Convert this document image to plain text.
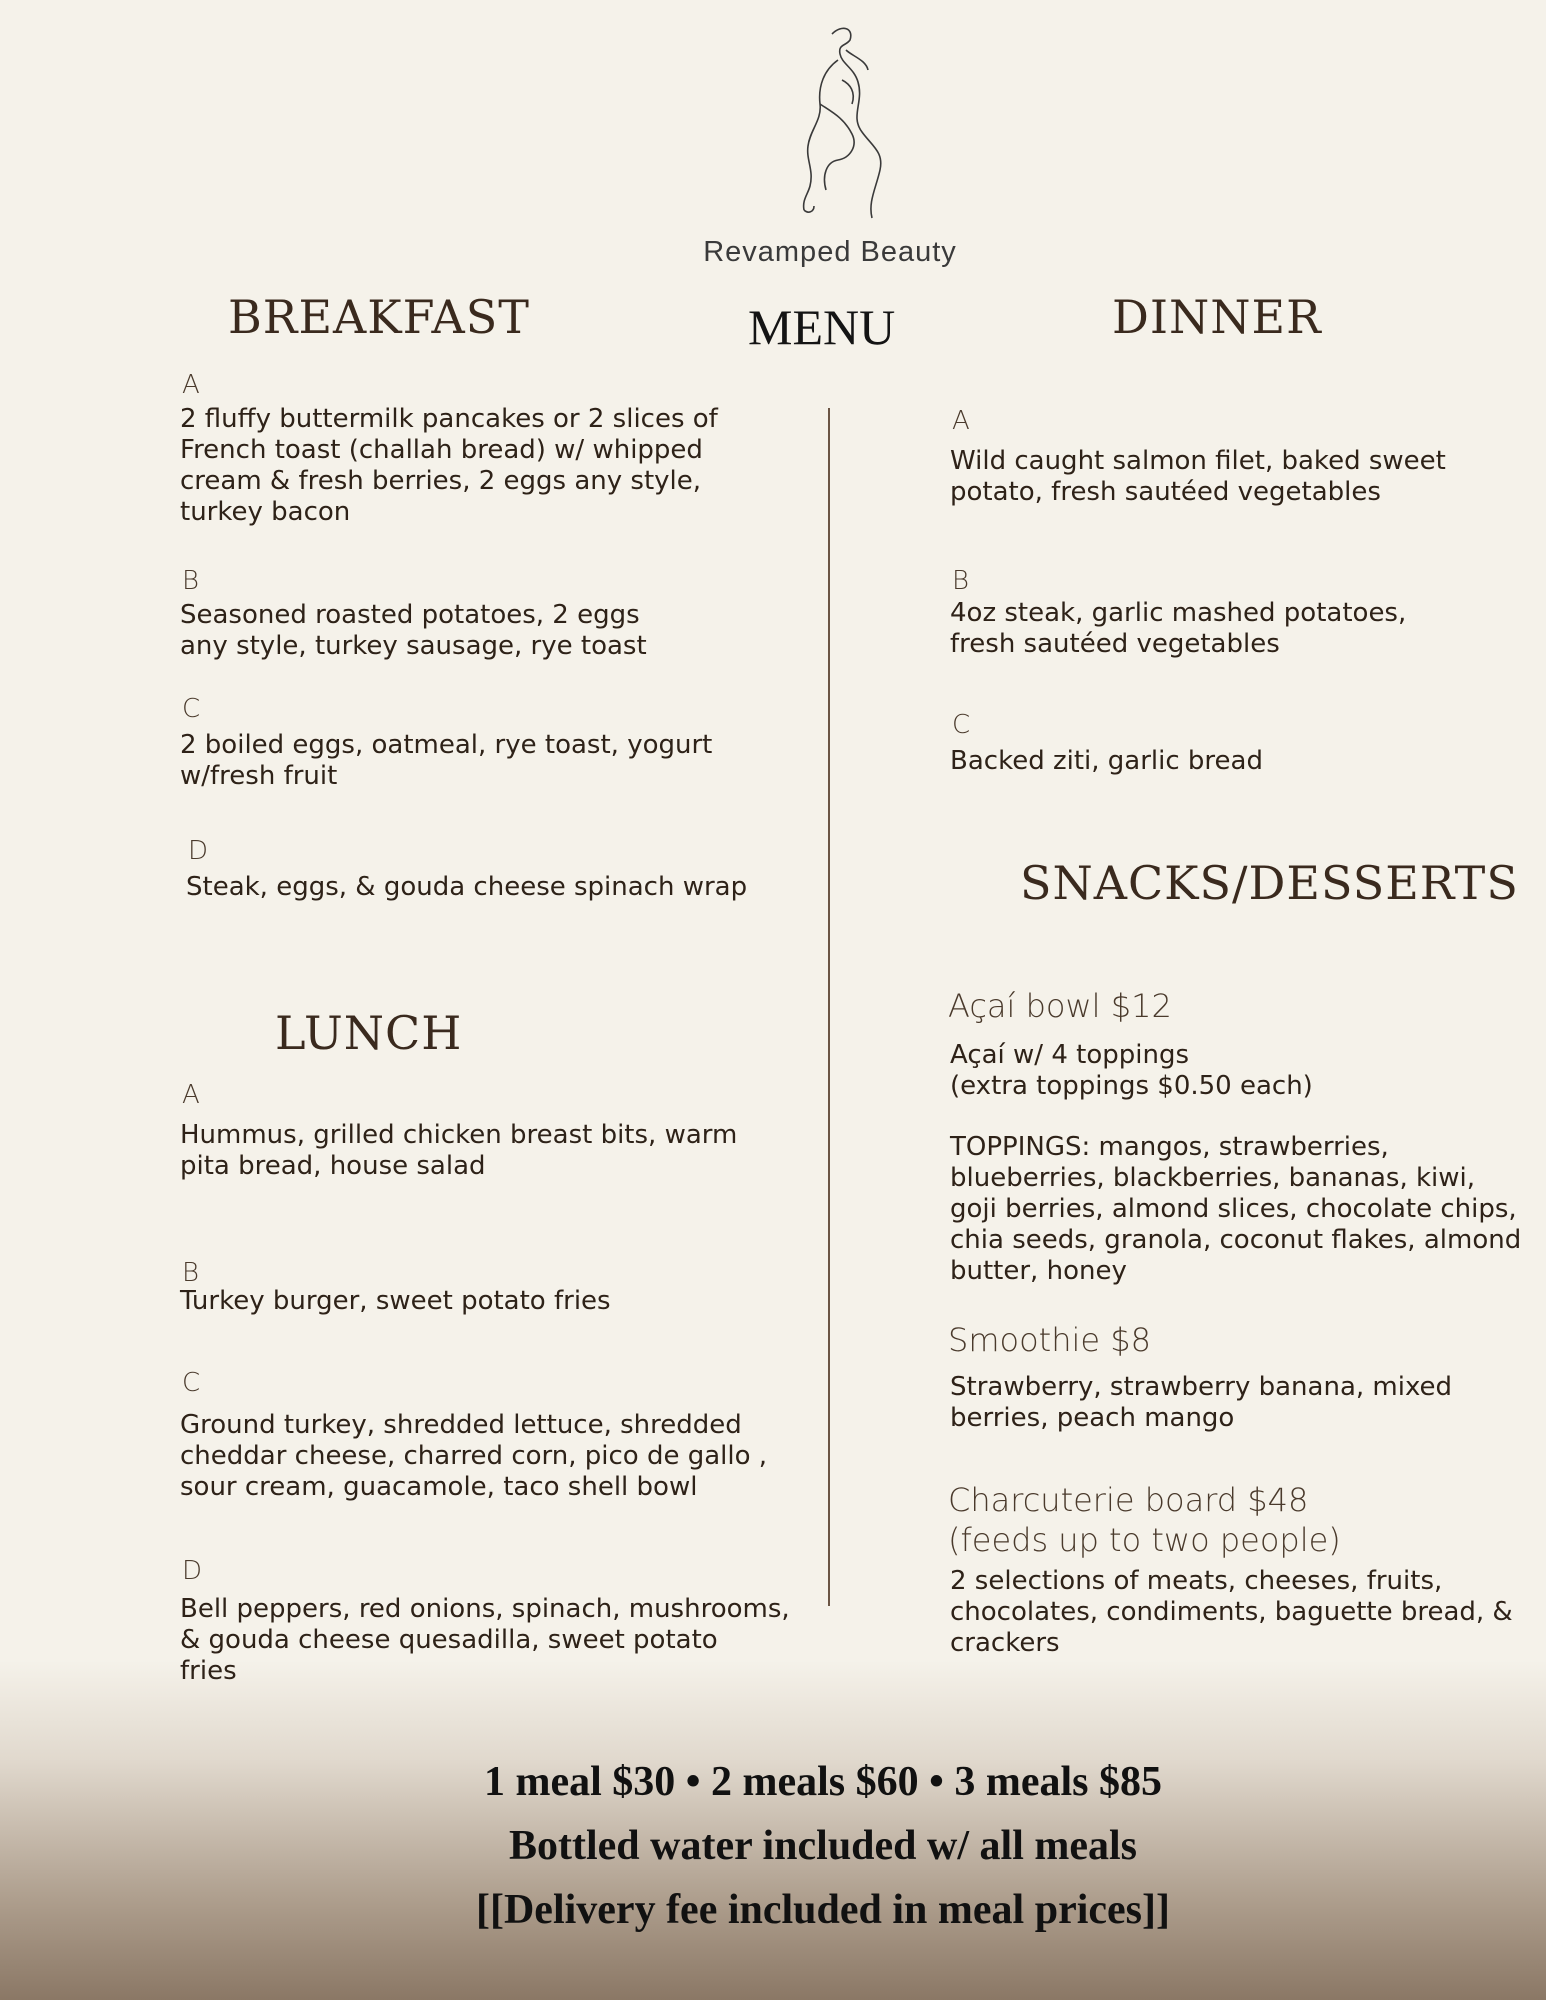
Revamped Beauty
BREAKFAST	MENU	DINNER
A
2 fluffy buttermilk pancakes or 2 slices of
French toast (challah bread) w/ whipped
cream & fresh berries, 2 eggs any style,
turkey bacon
B
Seasoned roasted potatoes, 2 eggs
any style, turkey sausage, rye toast
C
2 boiled eggs, oatmeal, rye toast, yogurt
w/fresh fruit
D
Steak, eggs, & gouda cheese spinach wrap
LUNCH
A
Hummus, grilled chicken breast bits, warm
pita bread, house salad
B
Turkey burger, sweet potato fries
C
Ground turkey, shredded lettuce, shredded
cheddar cheese, charred corn, pico de gallo ,
sour cream, guacamole, taco shell bowl
D
Bell peppers, red onions, spinach, mushrooms,
& gouda cheese quesadilla, sweet potato
fries
A
Wild caught salmon filet, baked sweet
potato, fresh sautéed vegetables
B
4oz steak, garlic mashed potatoes,
fresh sautéed vegetables
C
Backed ziti, garlic bread
SNACKS/DESSERTS
Açaí bowl $12
Açaí w/ 4 toppings
(extra toppings $0.50 each)
TOPPINGS: mangos, strawberries,
blueberries, blackberries, bananas, kiwi,
goji berries, almond slices, chocolate chips,
chia seeds, granola, coconut flakes, almond
butter, honey
Smoothie $8
Strawberry, strawberry banana, mixed
berries, peach mango
Charcuterie board $48
(feeds up to two people)
2 selections of meats, cheeses, fruits,
chocolates, condiments, baguette bread, &
crackers
1 meal $30 • 2 meals $60 • 3 meals $85
Bottled water included w/ all meals
[[Delivery fee included in meal prices]]
